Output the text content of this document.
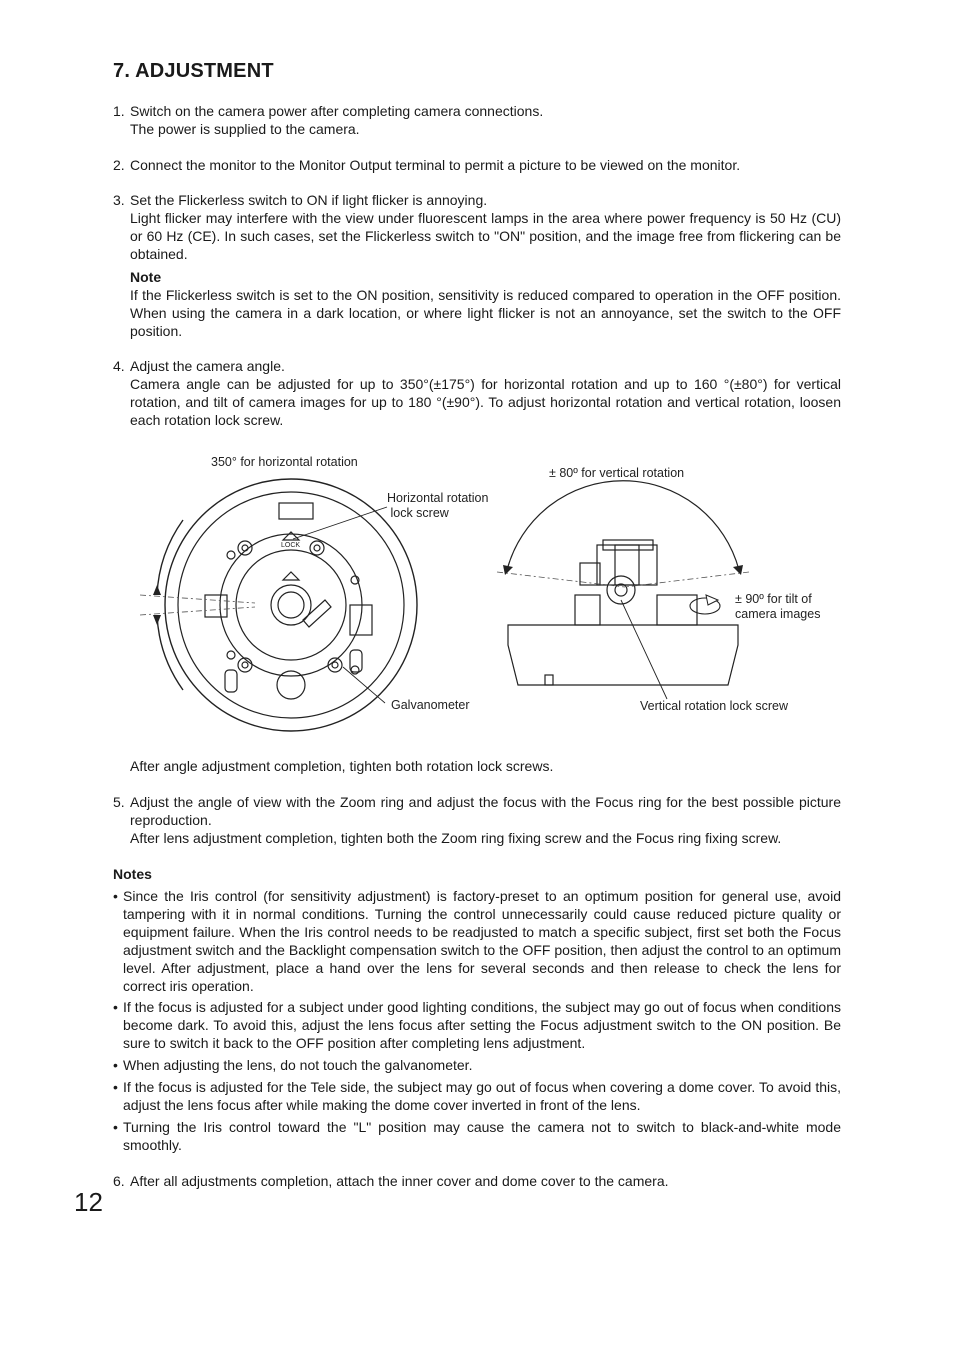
7. ADJUSTMENT
1. Switch on the camera power after completing camera connections.
The power is supplied to the camera.
2. Connect the monitor to the Monitor Output terminal to permit a picture to be viewed on the monitor.
3. Set the Flickerless switch to ON if light flicker is annoying.
Light flicker may interfere with the view under fluorescent lamps in the area where power frequency is 50 Hz (CU) or 60 Hz (CE). In such cases, set the Flickerless switch to "ON" position, and the image free from flickering can be obtained.
Note
If the Flickerless switch is set to the ON position, sensitivity is reduced compared to operation in the OFF position. When using the camera in a dark location, or where light flicker is not an annoyance, set the switch to the OFF position.
4. Adjust the camera angle.
Camera angle can be adjusted for up to 350°(±175°) for horizontal rotation and up to 160 °(±80°) for vertical rotation, and tilt of camera images for up to 180 °(±90°). To adjust horizontal rotation and vertical rotation, loosen each rotation lock screw.
LOCK
350° for horizontal rotation
Horizontal rotation
lock screw
Galvanometer
± 80º for vertical rotation
± 90º for tilt of
camera images
Vertical rotation lock screw
After angle adjustment completion, tighten both rotation lock screws.
5. Adjust the angle of view with the Zoom ring and adjust the focus with the Focus ring for the best possible picture reproduction.
After lens adjustment completion, tighten both the Zoom ring fixing screw and the Focus ring fixing screw.
Notes
• Since the Iris control (for sensitivity adjustment) is factory-preset to an optimum position for general use, avoid tampering with it in normal conditions. Turning the control unnecessarily could cause reduced picture quality or equipment failure. When the Iris control needs to be readjusted to match a specific subject, first set both the Focus adjustment switch and the Backlight compensation switch to the OFF position, then adjust the control to an optimum level. After adjustment, place a hand over the lens for several seconds and then release to check the lens for correct iris operation.
• If the focus is adjusted for a subject under good lighting conditions, the subject may go out of focus when conditions become dark. To avoid this, adjust the lens focus after setting the Focus adjustment switch to the ON position. Be sure to switch it back to the OFF position after completing lens adjustment.
• When adjusting the lens, do not touch the galvanometer.
• If the focus is adjusted for the Tele side, the subject may go out of focus when covering a dome cover. To avoid this, adjust the lens focus after while making the dome cover inverted in front of the lens.
• Turning the Iris control toward the "L" position may cause the camera not to switch to black-and-white mode smoothly.
6. After all adjustments completion, attach the inner cover and dome cover to the camera.
12
